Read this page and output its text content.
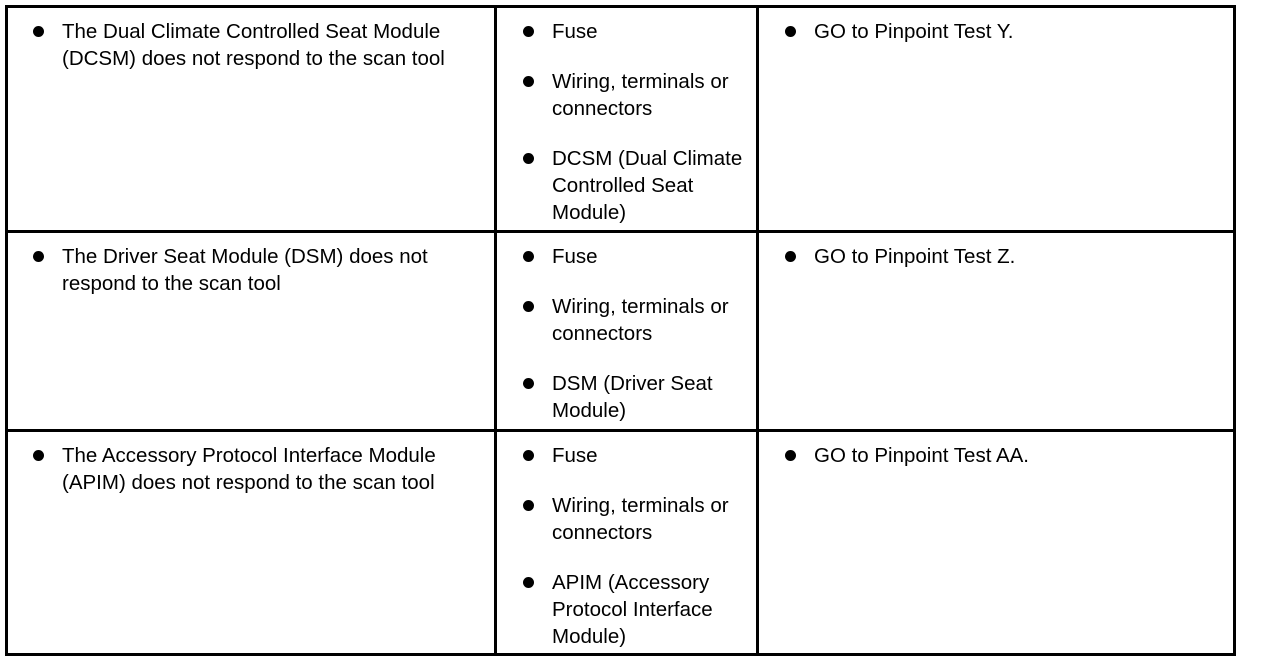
The Dual Climate Controlled Seat Module (DCSM) does not respond to the scan tool
Fuse
Wiring, terminals or connectors
DCSM (Dual Climate Controlled Seat Module)
GO to Pinpoint Test Y.
The Driver Seat Module (DSM) does not respond to the scan tool
Fuse
Wiring, terminals or connectors
DSM (Driver Seat Module)
GO to Pinpoint Test Z.
The Accessory Protocol Interface Module (APIM) does not respond to the scan tool
Fuse
Wiring, terminals or connectors
APIM (Accessory Protocol Interface Module)
GO to Pinpoint Test AA.
